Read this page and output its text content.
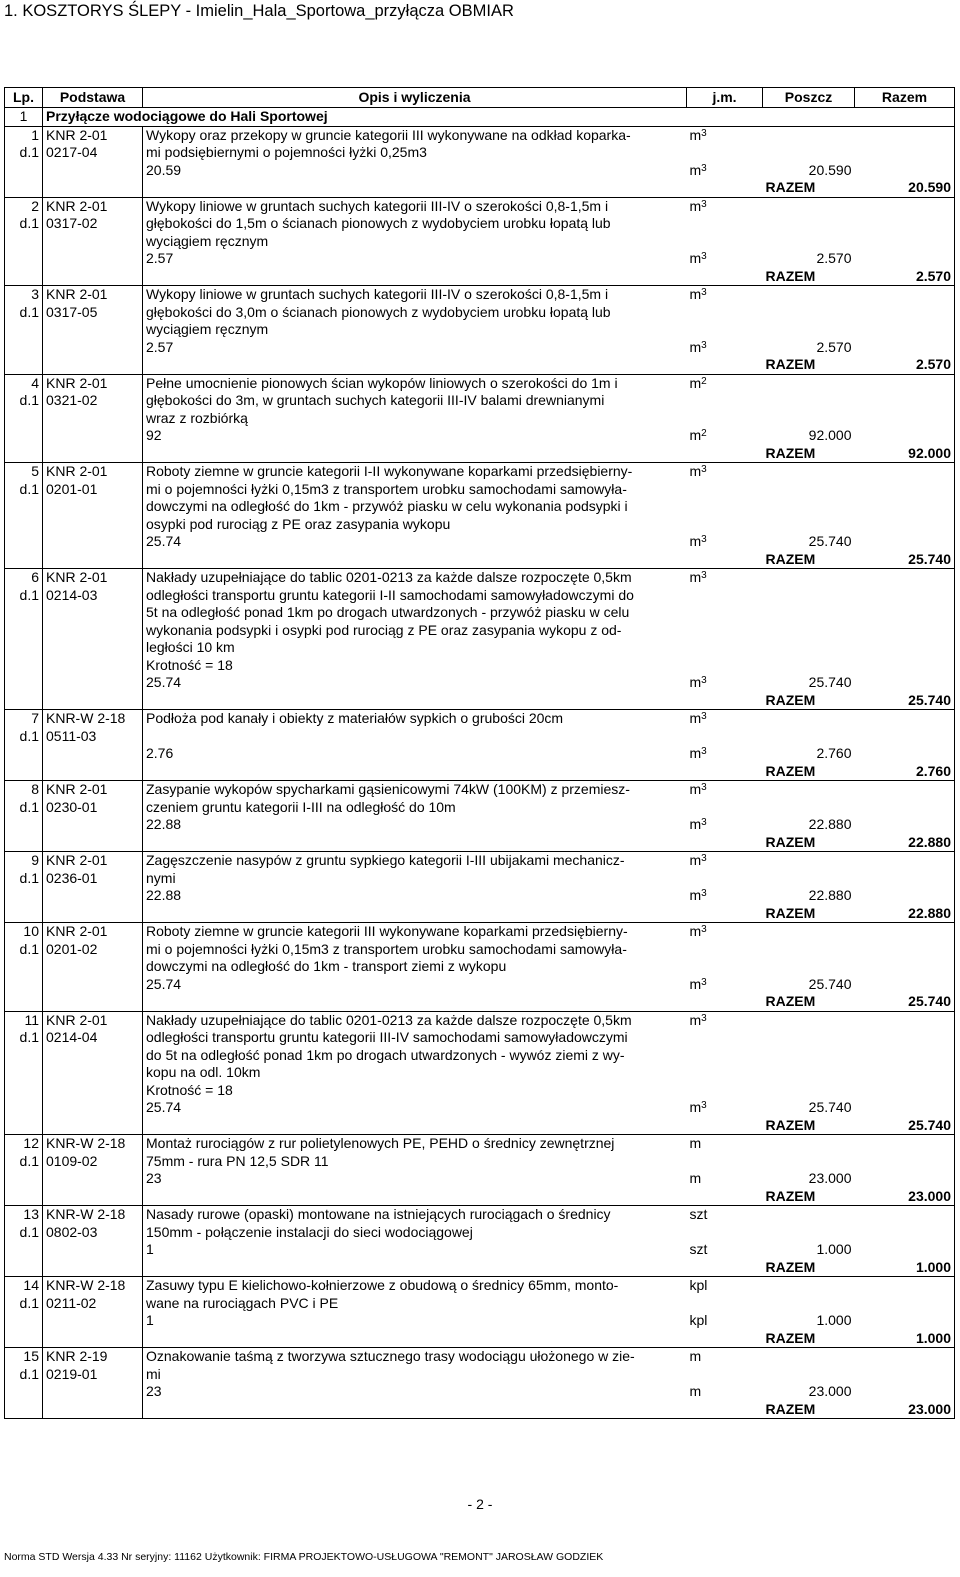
1. KOSZTORYS ŚLEPY - Imielin_Hala_Sportowa_przyłącza OBMIAR
Lp.	Podstawa	Opis i wyliczenia	j.m.	Poszcz	Razem
1	Przyłącze wodociągowe do Hali Sportowej				
1	KNR 2-01	Wykopy oraz przekopy w gruncie kategorii III wykonywane na odkład koparka-	$m^3$		
d.1	0217-04	mi podsiębiernymi o pojemności łyżki 0,25m3			
		20.59	$m^3$	20.590	
				RAZEM	20.590
2	KNR 2-01	Wykopy liniowe w gruntach suchych kategorii III-IV o szerokości 0,8-1,5m i	$m^3$		
d.1	0317-02	głębokości do 1,5m o ścianach pionowych z wydobyciem urobku łopatą lub			
		wyciągiem ręcznym			
		2.57	$m^3$	2.570	
				RAZEM	2.570
3	KNR 2-01	Wykopy liniowe w gruntach suchych kategorii III-IV o szerokości 0,8-1,5m i	$m^3$		
d.1	0317-05	głębokości do 3,0m o ścianach pionowych z wydobyciem urobku łopatą lub			
		wyciągiem ręcznym			
		2.57	$m^3$	2.570	
				RAZEM	2.570
4	KNR 2-01	Pełne umocnienie pionowych ścian wykopów liniowych o szerokości do 1m i	$m^2$		
d.1	0321-02	głębokości do 3m, w gruntach suchych kategorii III-IV balami drewnianymi			
		wraz z rozbiórką			
		92	$m^2$	92.000	
				RAZEM	92.000
5	KNR 2-01	Roboty ziemne w gruncie kategorii I-II wykonywane koparkami przedsiębierny-	$m^3$		
d.1	0201-01	mi o pojemności łyżki 0,15m3 z transportem urobku samochodami samowyła-			
		dowczymi na odległość do 1km - przywóż piasku w celu wykonania podsypki i			
		osypki pod rurociąg z PE oraz zasypania wykopu			
		25.74	$m^3$	25.740	
				RAZEM	25.740
6	KNR 2-01	Nakłady uzupełniające do tablic 0201-0213 za każde dalsze rozpoczęte 0,5km	$m^3$		
d.1	0214-03	odległości transportu gruntu kategorii I-II samochodami samowyładowczymi do			
		5t na odległość ponad 1km po drogach utwardzonych - przywóż piasku w celu			
		wykonania podsypki i osypki pod rurociąg z PE oraz zasypania wykopu z od-			
		ległości 10 km			
		Krotność = 18			
		25.74	$m^3$	25.740	
				RAZEM	25.740
7	KNR-W 2-18	Podłoża pod kanały i obiekty z materiałów sypkich o grubości 20cm	$m^3$		
d.1	0511-03				
		2.76	$m^3$	2.760	
				RAZEM	2.760
8	KNR 2-01	Zasypanie wykopów spycharkami gąsienicowymi 74kW (100KM) z przemiesz-	$m^3$		
d.1	0230-01	czeniem gruntu kategorii I-III na odległość do 10m			
		22.88	$m^3$	22.880	
				RAZEM	22.880
9	KNR 2-01	Zagęszczenie nasypów z gruntu sypkiego kategorii I-III ubijakami mechanicz-	$m^3$		
d.1	0236-01	nymi			
		22.88	$m^3$	22.880	
				RAZEM	22.880
10	KNR 2-01	Roboty ziemne w gruncie kategorii III wykonywane koparkami przedsiębierny-	$m^3$		
d.1	0201-02	mi o pojemności łyżki 0,15m3 z transportem urobku samochodami samowyła-			
		dowczymi na odległość do 1km - transport ziemi z wykopu			
		25.74	$m^3$	25.740	
				RAZEM	25.740
11	KNR 2-01	Nakłady uzupełniające do tablic 0201-0213 za każde dalsze rozpoczęte 0,5km	$m^3$		
d.1	0214-04	odległości transportu gruntu kategorii III-IV samochodami samowyładowczymi			
		do 5t na odległość ponad 1km po drogach utwardzonych - wywóz ziemi z wy-			
		kopu na odl. 10km			
		Krotność = 18			
		25.74	$m^3$	25.740	
				RAZEM	25.740
12	KNR-W 2-18	Montaż rurociągów z rur polietylenowych PE, PEHD o średnicy zewnętrznej	m		
d.1	0109-02	75mm - rura PN 12,5 SDR 11			
		23	m	23.000	
				RAZEM	23.000
13	KNR-W 2-18	Nasady rurowe (opaski) montowane na istniejących rurociągach o średnicy	szt		
d.1	0802-03	150mm - połączenie instalacji do sieci wodociągowej			
		1	szt	1.000	
				RAZEM	1.000
14	KNR-W 2-18	Zasuwy typu E kielichowo-kołnierzowe z obudową o średnicy 65mm, monto-	kpl		
d.1	0211-02	wane na rurociągach PVC i PE			
		1	kpl	1.000	
				RAZEM	1.000
15	KNR 2-19	Oznakowanie taśmą z tworzywa sztucznego trasy wodociągu ułożonego w zie-	m		
d.1	0219-01	mi			
		23	m	23.000	
				RAZEM	23.000
- 2 -
Norma STD Wersja 4.33 Nr seryjny: 11162 Użytkownik: FIRMA PROJEKTOWO-USŁUGOWA "REMONT" JAROSŁAW GODZIEK
